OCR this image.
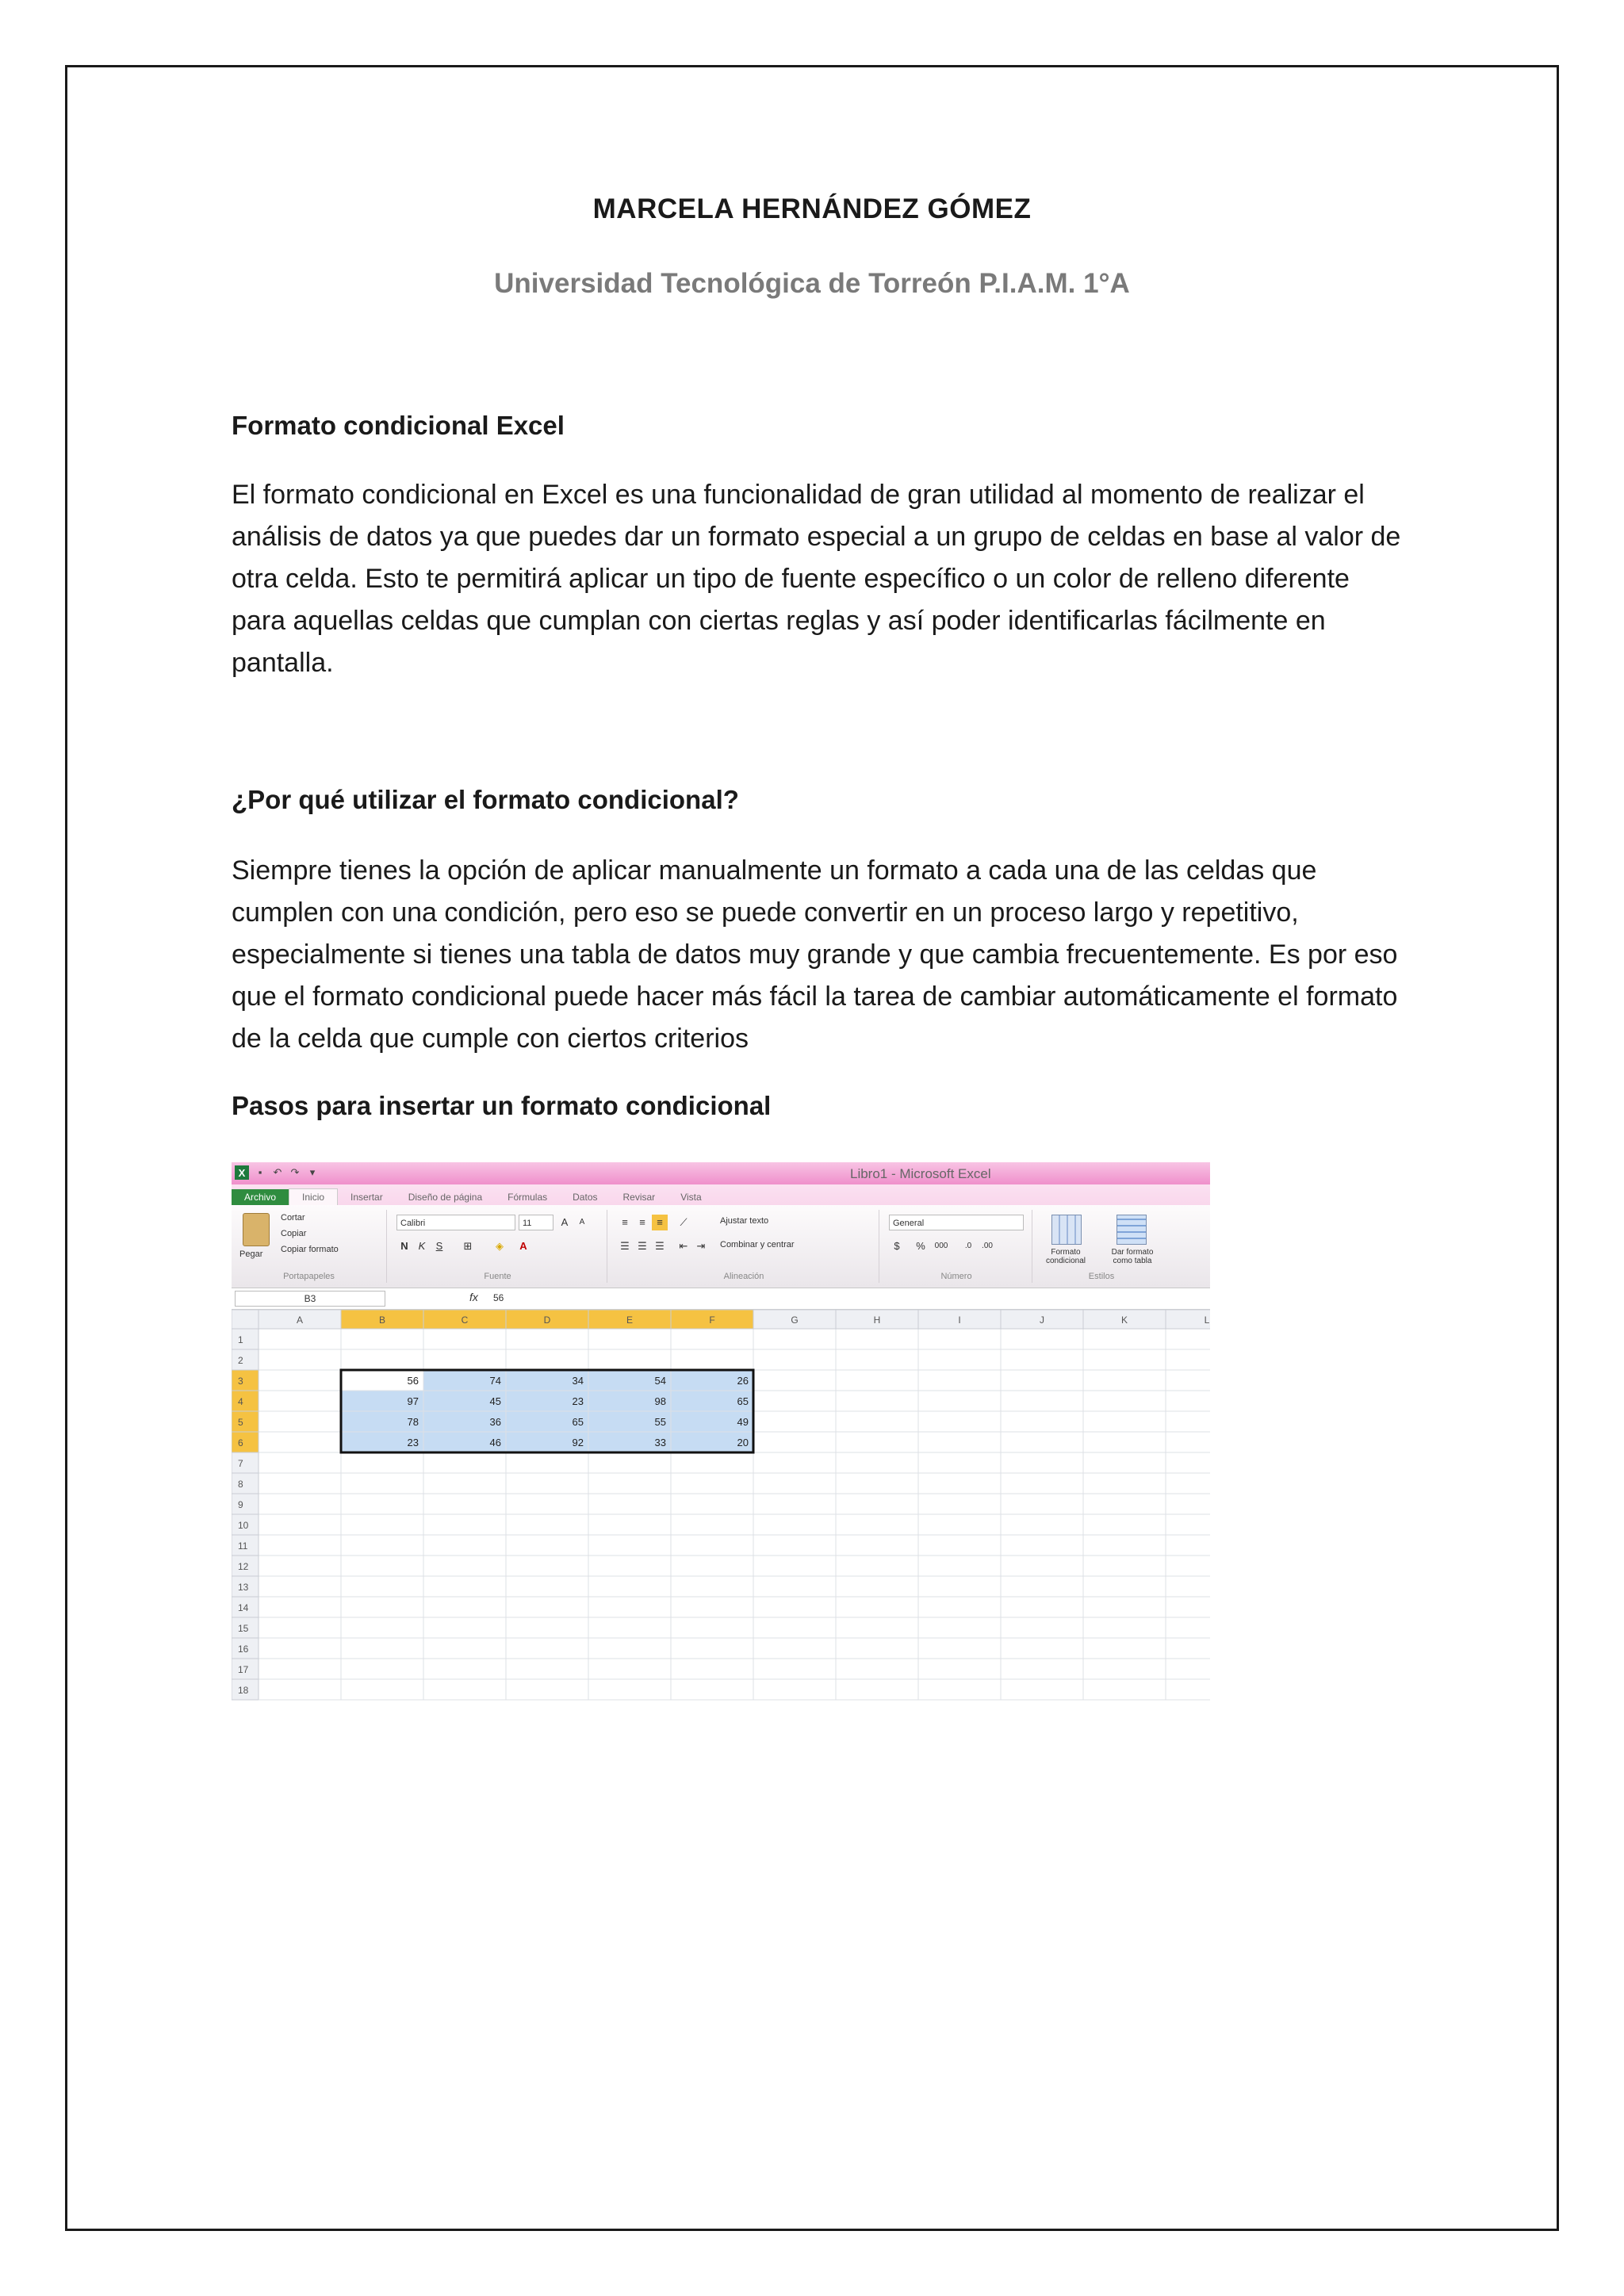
MARCELA HERNÁNDEZ GÓMEZ
Universidad Tecnológica de Torreón P.I.A.M. 1°A
Formato condicional Excel
El formato condicional en Excel es una funcionalidad de gran utilidad al momento de realizar el análisis de datos ya que puedes dar un formato especial a un grupo de celdas en base al valor de otra celda. Esto te permitirá aplicar un tipo de fuente específico o un color de relleno diferente para aquellas celdas que cumplan con ciertas reglas y así poder identificarlas fácilmente en pantalla.
¿Por qué utilizar el formato condicional?
Siempre tienes la opción de aplicar manualmente un formato a cada una de las celdas que cumplen con una condición, pero eso se puede convertir en un proceso largo y repetitivo, especialmente si tienes una tabla de datos muy grande y que cambia frecuentemente. Es por eso que el formato condicional puede hacer más fácil la tarea de cambiar automáticamente el formato de la celda que cumple con ciertos criterios
Pasos para insertar un formato condicional
X	▪	↶ ↷	▾	Libro1 - Microsoft Excel
Archivo	Inicio	Insertar	Diseño de página	Fórmulas	Datos	Revisar	Vista
Pegar
Cortar
Copiar
Copiar formato
Portapapeles
Calibri	11	A	A
N K	S	⊞	◈	A
Fuente
≡	≡	≡	⟋
☰ ☰ ☰	⇤ ⇥
Ajustar texto
Combinar y centrar
Alineación
General
$	%	000	.0	.00
Número
Formato condicional
Dar formato como tabla
Estilos
B3	fx 56
A	B	C	D	E	F	G	H	I	J	K	L
1
2
3
4
5
6
7
8
9
10
11
12
13
14
15
16
17
18
56	74	34	54	26
97	45	23	98	65
78	36	65	55	49
23	46	92	33	20
